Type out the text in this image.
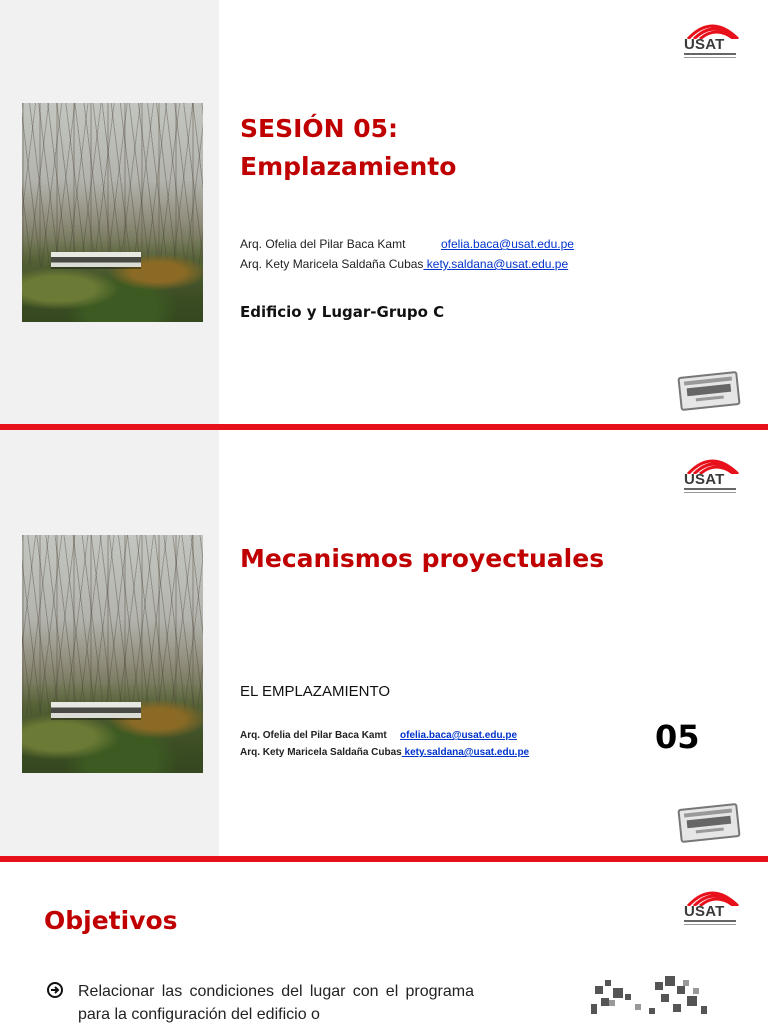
SESIÓN 05:
Emplazamiento
Arq. Ofelia del Pilar Baca Kamt	ofelia.baca@usat.edu.pe
Arq. Kety Maricela Saldaña Cubas kety.saldana@usat.edu.pe
Edificio y Lugar-Grupo C
USAT
Mecanismos proyectuales
EL EMPLAZAMIENTO
Arq. Ofelia del Pilar Baca Kamt ofelia.baca@usat.edu.pe
Arq. Kety Maricela Saldaña Cubas kety.saldana@usat.edu.pe	05
USAT
Objetivos	USAT
Relacionar las condiciones del lugar con el programa para la configuración del edificio o
